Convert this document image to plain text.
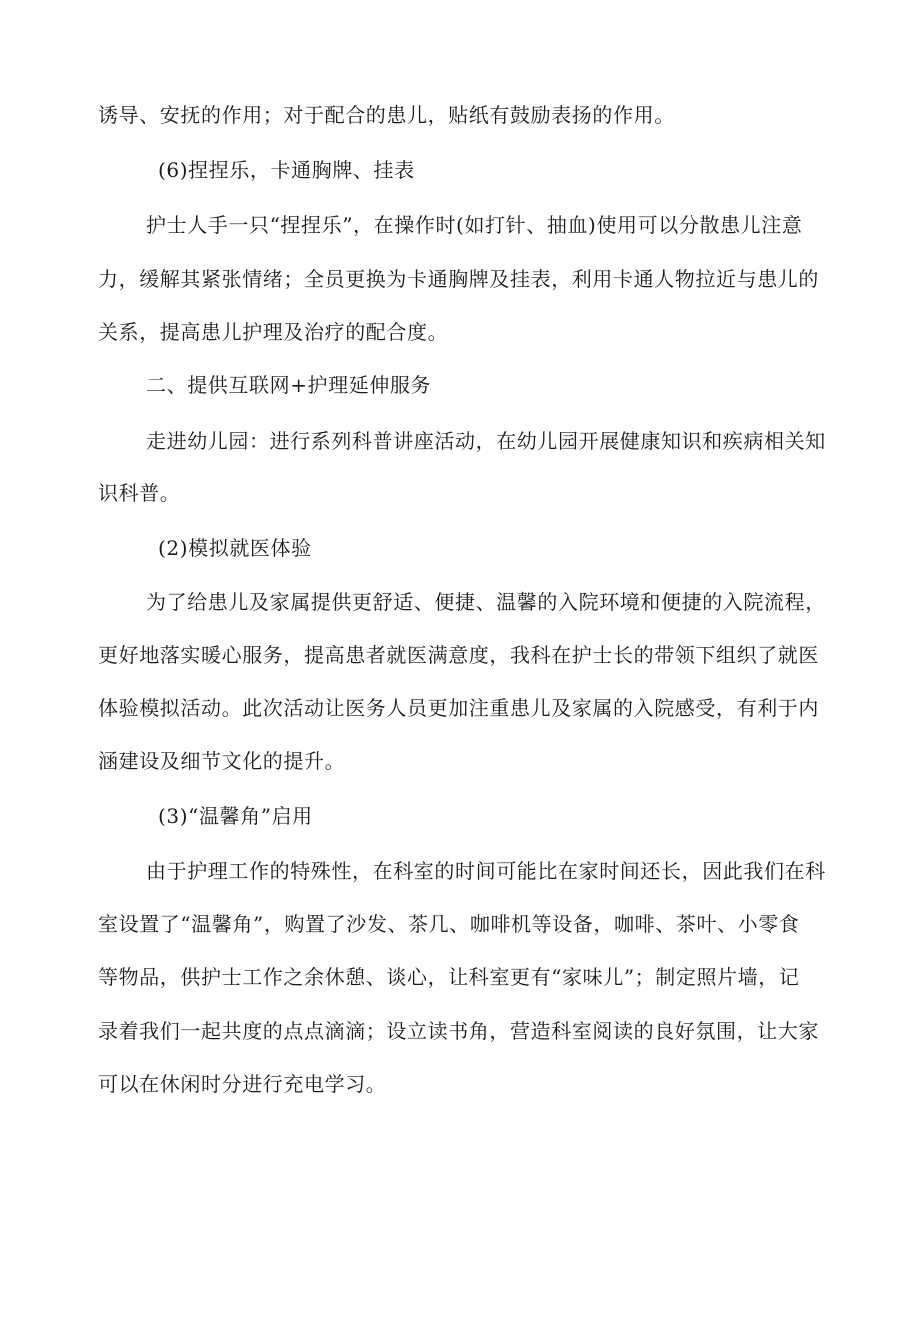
诱导、安抚的作用；对于配合的患儿，贴纸有鼓励表扬的作用。
(6)捏捏乐，卡通胸牌、挂表
护士人手一只“捏捏乐”，在操作时(如打针、抽血)使用可以分散患儿注意
力，缓解其紧张情绪；全员更换为卡通胸牌及挂表，利用卡通人物拉近与患儿的
关系，提高患儿护理及治疗的配合度。
二、提供互联网+护理延伸服务
走进幼儿园：进行系列科普讲座活动，在幼儿园开展健康知识和疾病相关知
识科普。
(2)模拟就医体验
为了给患儿及家属提供更舒适、便捷、温馨的入院环境和便捷的入院流程，
更好地落实暖心服务，提高患者就医满意度，我科在护士长的带领下组织了就医
体验模拟活动。此次活动让医务人员更加注重患儿及家属的入院感受，有利于内
涵建设及细节文化的提升。
(3)“温馨角”启用
由于护理工作的特殊性，在科室的时间可能比在家时间还长，因此我们在科
室设置了“温馨角”，购置了沙发、茶几、咖啡机等设备，咖啡、茶叶、小零食
等物品，供护士工作之余休憩、谈心，让科室更有“家味儿”；制定照片墙，记
录着我们一起共度的点点滴滴；设立读书角，营造科室阅读的良好氛围，让大家
可以在休闲时分进行充电学习。
